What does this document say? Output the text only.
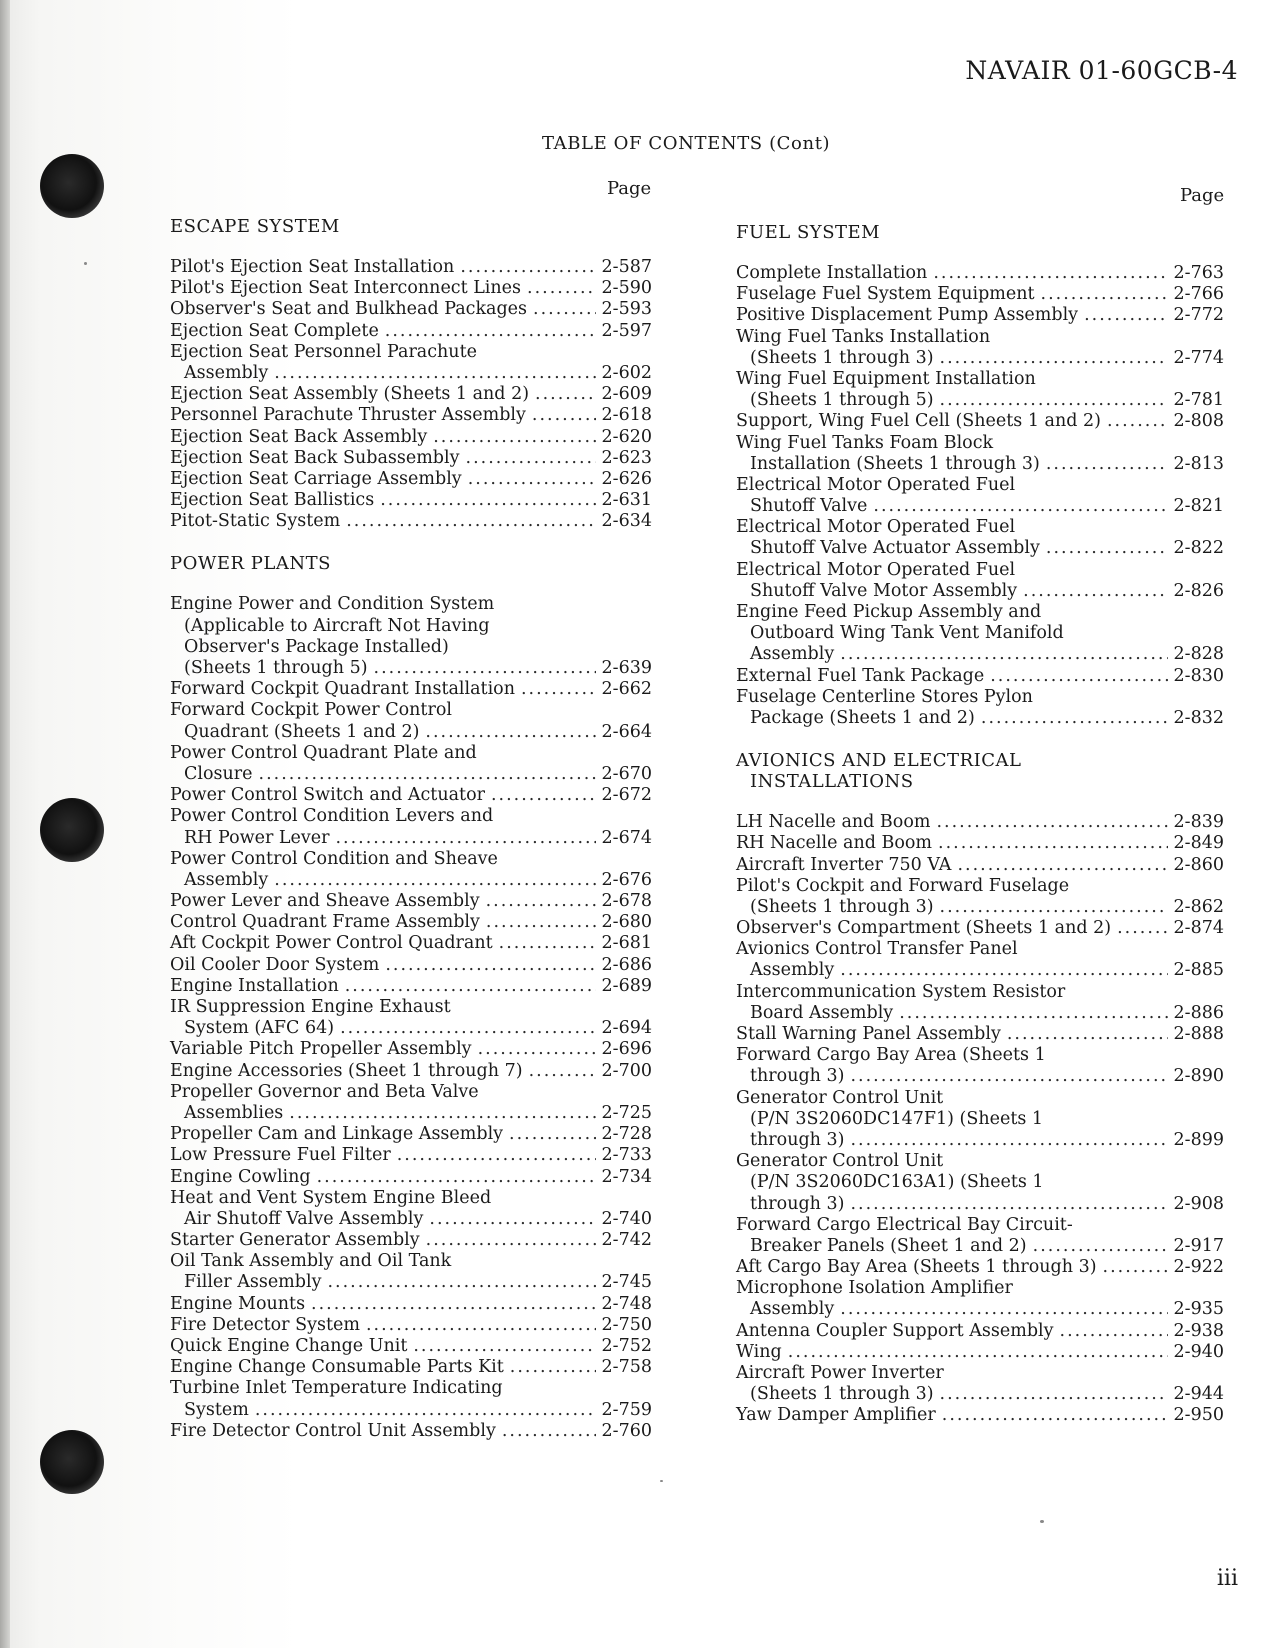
NAVAIR 01-60GCB-4
TABLE OF CONTENTS (Cont)
Page	Page
ESCAPE SYSTEM
Pilot's Ejection Seat Installation .....	2-587
Pilot's Ejection Seat Interconnect Lines .....	2-590
Observer's Seat and Bulkhead Packages .....	2-593
Ejection Seat Complete .....	2-597
Ejection Seat Personnel Parachute
Assembly .....	2-602
Ejection Seat Assembly (Sheets 1 and 2) .....	2-609
Personnel Parachute Thruster Assembly .....	2-618
Ejection Seat Back Assembly .....	2-620
Ejection Seat Back Subassembly .....	2-623
Ejection Seat Carriage Assembly .....	2-626
Ejection Seat Ballistics .....	2-631
Pitot-Static System .....	2-634
POWER PLANTS
Engine Power and Condition System
(Applicable to Aircraft Not Having
Observer's Package Installed)
(Sheets 1 through 5) .....	2-639
Forward Cockpit Quadrant Installation .....	2-662
Forward Cockpit Power Control
Quadrant (Sheets 1 and 2) .....	2-664
Power Control Quadrant Plate and
Closure .....	2-670
Power Control Switch and Actuator .....	2-672
Power Control Condition Levers and
RH Power Lever .....	2-674
Power Control Condition and Sheave
Assembly .....	2-676
Power Lever and Sheave Assembly .....	2-678
Control Quadrant Frame Assembly .....	2-680
Aft Cockpit Power Control Quadrant .....	2-681
Oil Cooler Door System .....	2-686
Engine Installation .....	2-689
IR Suppression Engine Exhaust
System (AFC 64) .....	2-694
Variable Pitch Propeller Assembly .....	2-696
Engine Accessories (Sheet 1 through 7) .....	2-700
Propeller Governor and Beta Valve
Assemblies .....	2-725
Propeller Cam and Linkage Assembly .....	2-728
Low Pressure Fuel Filter .....	2-733
Engine Cowling .....	2-734
Heat and Vent System Engine Bleed
Air Shutoff Valve Assembly .....	2-740
Starter Generator Assembly .....	2-742
Oil Tank Assembly and Oil Tank
Filler Assembly .....	2-745
Engine Mounts .....	2-748
Fire Detector System .....	2-750
Quick Engine Change Unit .....	2-752
Engine Change Consumable Parts Kit .....	2-758
Turbine Inlet Temperature Indicating
System .....	2-759
Fire Detector Control Unit Assembly .....	2-760
FUEL SYSTEM
Complete Installation .....	2-763
Fuselage Fuel System Equipment .....	2-766
Positive Displacement Pump Assembly .....	2-772
Wing Fuel Tanks Installation
(Sheets 1 through 3) .....	2-774
Wing Fuel Equipment Installation
(Sheets 1 through 5) .....	2-781
Support, Wing Fuel Cell (Sheets 1 and 2) .....	2-808
Wing Fuel Tanks Foam Block
Installation (Sheets 1 through 3) .....	2-813
Electrical Motor Operated Fuel
Shutoff Valve .....	2-821
Electrical Motor Operated Fuel
Shutoff Valve Actuator Assembly .....	2-822
Electrical Motor Operated Fuel
Shutoff Valve Motor Assembly .....	2-826
Engine Feed Pickup Assembly and
Outboard Wing Tank Vent Manifold
Assembly .....	2-828
External Fuel Tank Package .....	2-830
Fuselage Centerline Stores Pylon
Package (Sheets 1 and 2) .....	2-832
AVIONICS AND ELECTRICAL
INSTALLATIONS
LH Nacelle and Boom .....	2-839
RH Nacelle and Boom .....	2-849
Aircraft Inverter 750 VA .....	2-860
Pilot's Cockpit and Forward Fuselage
(Sheets 1 through 3) .....	2-862
Observer's Compartment (Sheets 1 and 2) .....	2-874
Avionics Control Transfer Panel
Assembly .....	2-885
Intercommunication System Resistor
Board Assembly .....	2-886
Stall Warning Panel Assembly .....	2-888
Forward Cargo Bay Area (Sheets 1
through 3) .....	2-890
Generator Control Unit
(P/N 3S2060DC147F1) (Sheets 1
through 3) .....	2-899
Generator Control Unit
(P/N 3S2060DC163A1) (Sheets 1
through 3) .....	2-908
Forward Cargo Electrical Bay Circuit-
Breaker Panels (Sheet 1 and 2) .....	2-917
Aft Cargo Bay Area (Sheets 1 through 3) .....	2-922
Microphone Isolation Amplifier
Assembly .....	2-935
Antenna Coupler Support Assembly .....	2-938
Wing .....	2-940
Aircraft Power Inverter
(Sheets 1 through 3) .....	2-944
Yaw Damper Amplifier .....	2-950
iii
